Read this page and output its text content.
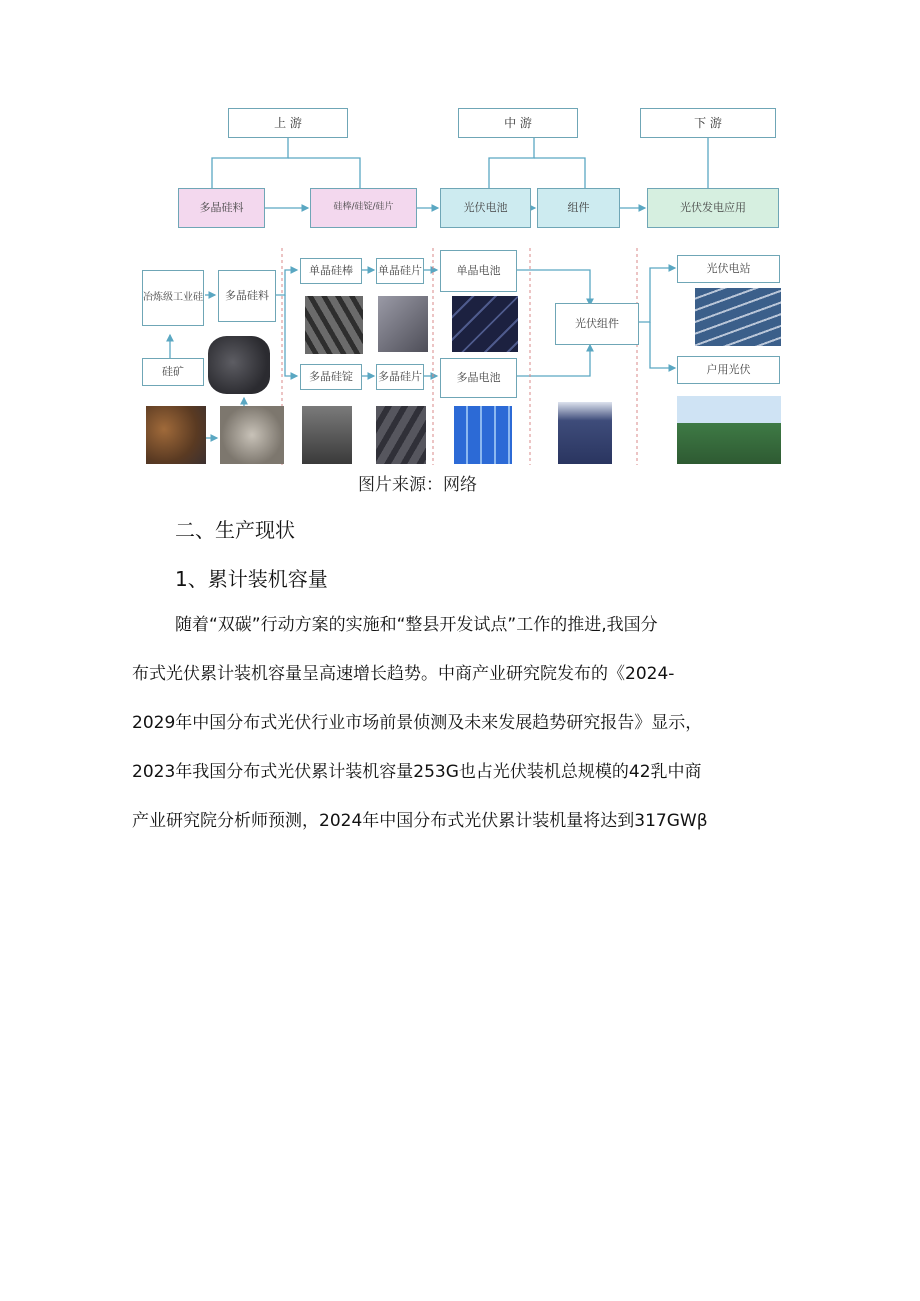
上 游	中 游	下 游
多晶硅料	硅棒/硅锭/硅片	光伏电池	组件	光伏发电应用
冶炼级工业硅	多晶硅料
单晶硅棒	单晶硅片	单晶电池
多晶硅锭	多晶硅片	多晶电池
光伏组件
光伏电站
户用光伏
硅矿
图片来源：网络
二、生产现状
1、累计装机容量
随着“双碳”行动方案的实施和“整县开发试点”工作的推进,我国分
布式光伏累计装机容量呈高速增长趋势。中商产业研究院发布的《2024-
2029年中国分布式光伏行业市场前景侦测及未来发展趋势研究报告》显示，
2023年我国分布式光伏累计装机容量253G也占光伏装机总规模的42乳中商
产业研究院分析师预测，2024年中国分布式光伏累计装机量将达到317GWβ
